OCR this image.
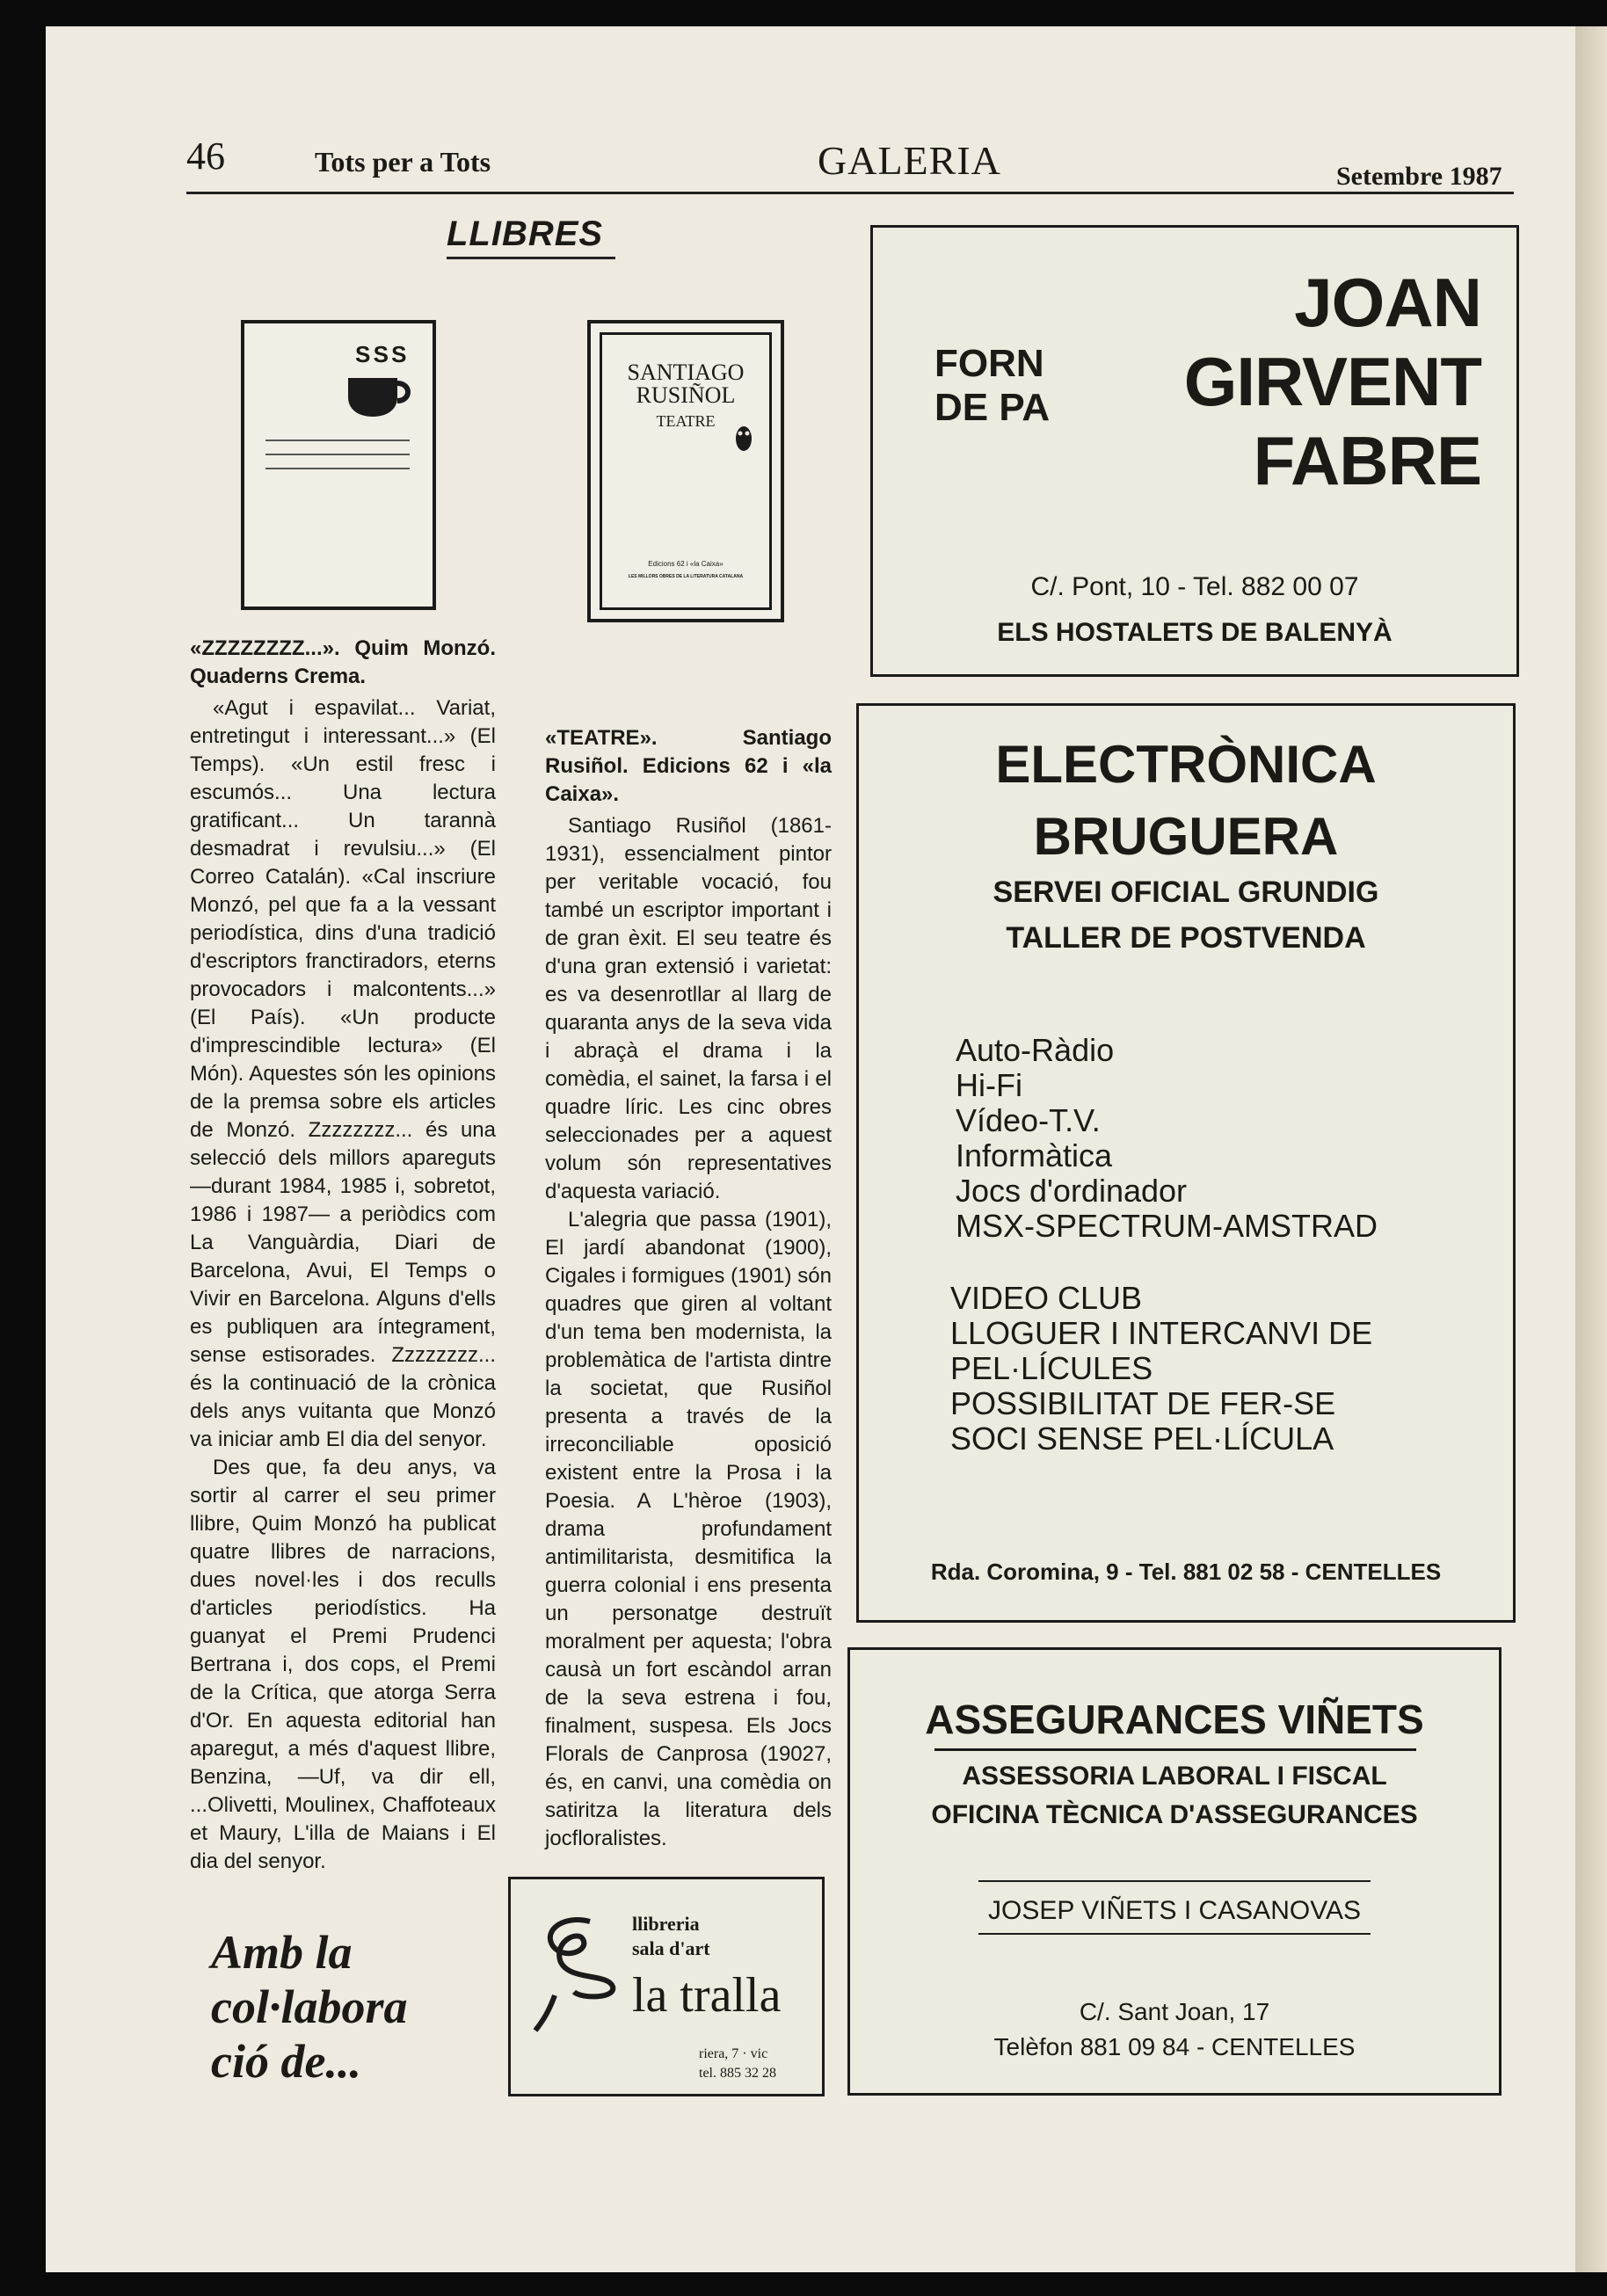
46	Tots per a Tots	GALERIA	Setembre 1987
LLIBRES
S S S

«ZZZZZZZZ...». Quim Monzó. Quaderns Crema.

«Agut i espavilat... Variat, entretingut i interessant...» (El Temps). «Un estil fresc i escumós... Una lectura gratificant... Un tarannà desmadrat i revulsiu...» (El Correo Catalán). «Cal inscriure Monzó, pel que fa a la vessant periodística, dins d'una tradició d'escriptors franctiradors, eterns provocadors i malcontents...» (El País). «Un producte d'imprescindible lectura» (El Món). Aquestes són les opinions de la premsa sobre els articles de Monzó. Zzzzzzzz... és una selecció dels millors apareguts —durant 1984, 1985 i, sobretot, 1986 i 1987— a periòdics com La Vanguàrdia, Diari de Barcelona, Avui, El Temps o Vivir en Barcelona. Alguns d'ells es publiquen ara íntegrament, sense estisorades. Zzzzzzzz... és la continuació de la crònica dels anys vuitanta que Monzó va iniciar amb El dia del senyor.

Des que, fa deu anys, va sortir al carrer el seu primer llibre, Quim Monzó ha publicat quatre llibres de narracions, dues novel·les i dos reculls d'articles periodístics. Ha guanyat el Premi Prudenci Bertrana i, dos cops, el Premi de la Crítica, que atorga Serra d'Or. En aquesta editorial han aparegut, a més d'aquest llibre, Benzina, —Uf, va dir ell, ...Olivetti, Moulinex, Chaffoteaux et Maury, L'illa de Maians i El dia del senyor.

SANTIAGO RUSIÑOL
TEATRE
Edicions 62 i «la Caixa»
LES MILLORS OBRES DE LA LITERATURA CATALANA

«TEATRE». Santiago Rusiñol. Edicions 62 i «la Caixa».

Santiago Rusiñol (1861-1931), essencialment pintor per veritable vocació, fou també un escriptor important i de gran èxit. El seu teatre és d'una gran extensió i varietat: es va desenrotllar al llarg de quaranta anys de la seva vida i abraçà el drama i la comèdia, el sainet, la farsa i el quadre líric. Les cinc obres seleccionades per a aquest volum són representatives d'aquesta variació.

L'alegria que passa (1901), El jardí abandonat (1900), Cigales i formigues (1901) són quadres que giren al voltant d'un tema ben modernista, la problemàtica de l'artista dintre la societat, que Rusiñol presenta a través de la irreconciliable oposició existent entre la Prosa i la Poesia. A L'hèroe (1903), drama profundament antimilitarista, desmitifica la guerra colonial i ens presenta un personatge destruït moralment per aquesta; l'obra causà un fort escàndol arran de la seva estrena i fou, finalment, suspesa. Els Jocs Florals de Canprosa (19027, és, en canvi, una comèdia on satiritza la literatura dels jocfloralistes.

Amb la
col·labora
ció de...
llibreria
sala d'art
la tralla
riera, 7 · vic
tel. 885 32 28
FORN
DE PA
JOAN
GIRVENT
FABRE
C/. Pont, 10 - Tel. 882 00 07
ELS HOSTALETS DE BALENYÀ
ELECTRÒNICA
BRUGUERA
SERVEI OFICIAL GRUNDIG
TALLER DE POSTVENDA
Auto-Ràdio
Hi-Fi
Vídeo-T.V.
Informàtica
Jocs d'ordinador
MSX-SPECTRUM-AMSTRAD
VIDEO CLUB
LLOGUER I INTERCANVI DE
PEL·LÍCULES
POSSIBILITAT DE FER-SE
SOCI SENSE PEL·LÍCULA
Rda. Coromina, 9 - Tel. 881 02 58 - CENTELLES
ASSEGURANCES VIÑETS
ASSESSORIA LABORAL I FISCAL
OFICINA TÈCNICA D'ASSEGURANCES
JOSEP VIÑETS I CASANOVAS
C/. Sant Joan, 17
Telèfon 881 09 84 - CENTELLES
